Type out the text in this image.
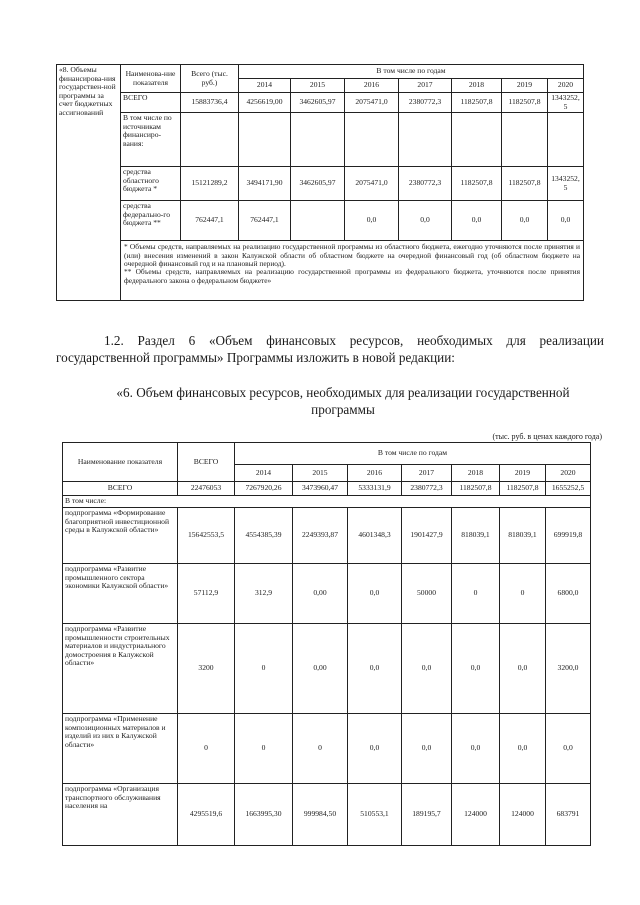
«8. Объемы финансирова-ния государствен-ной программы за счет бюджетных ассигнований	Наименова-ние показателя	Всего (тыс. руб.)	В том числе по годам						
			2014	2015	2016	2017	2018	2019	2020
	ВСЕГО	15883736,4	4256619,00	3462605,97	2075471,0	2380772,3	1182507,8	1182507,8	1343252,5
	В том числе по источникам финансиро-вания:								
	средства областного бюджета *	15121289,2	3494171,90	3462605,97	2075471,0	2380772,3	1182507,8	1182507,8	1343252,5
	средства федерально-го бюджета **	762447,1	762447,1		0,0	0,0	0,0	0,0	0,0

	* Объемы средств, направляемых на реализацию государственной программы из областного бюджета, ежегодно уточняются после принятия и (или) внесения изменений в закон Калужской области об областном бюджете на очередной финансовый год (об областном бюджете на очередной финансовый год и на плановый период).
** Объемы средств, направляемых на реализацию государственной программы из федерального бюджета, уточняются после принятия федерального закона о федеральном бюджете»								
1.2. Раздел 6 «Объем финансовых ресурсов, необходимых для реализации
государственной программы» Программы изложить в новой редакции:
«6. Объем финансовых ресурсов, необходимых для реализации государственной
программы
(тыс. руб. в ценах каждого года)
Наименование показателя	ВСЕГО	В том числе по годам						
		2014	2015	2016	2017	2018	2019	2020
ВСЕГО	22476053	7267920,26	3473960,47	5333131,9	2380772,3	1182507,8	1182507,8	1655252,5
В том числе:								
подпрограмма «Формирование благоприятной инвестиционной среды в Калужской области»	15642553,5	4554385,39	2249393,87	4601348,3	1901427,9	818039,1	818039,1	699919,8
подпрограмма «Развитие промышленного сектора экономики Калужской области»	57112,9	312,9	0,00	0,0	50000	0	0	6800,0
подпрограмма «Развитие промышленности строительных материалов и индустриального домостроения в Калужской области»	3200	0	0,00	0,0	0,0	0,0	0,0	3200,0
подпрограмма «Применение композиционных материалов и изделий из них в Калужской области»	0	0	0	0,0	0,0	0,0	0,0	0,0
подпрограмма «Организация транспортного обслуживания населения на	4295519,6	1663995,30	999984,50	510553,1	189195,7	124000	124000	683791
